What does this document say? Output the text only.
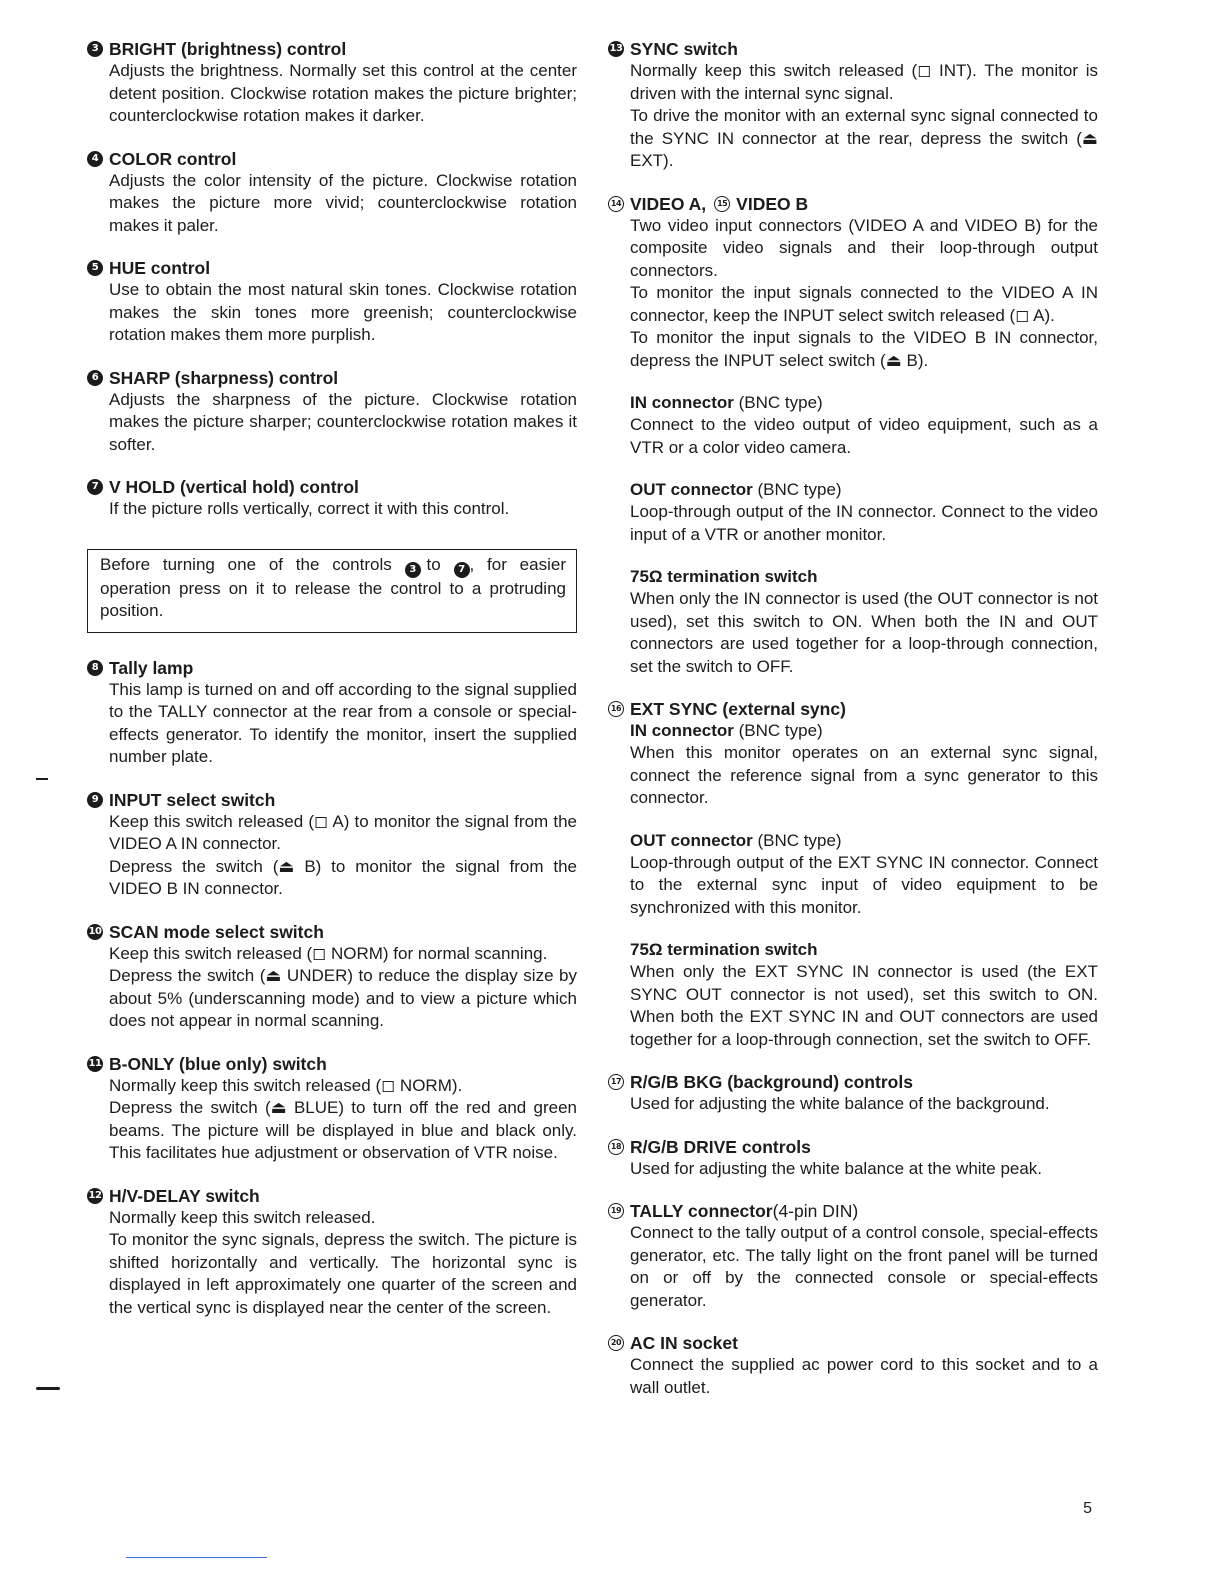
3 BRIGHT (brightness) control

Adjusts the brightness. Normally set this control at the center detent position. Clockwise rotation makes the picture brighter; counterclockwise rotation makes it darker.

4 COLOR control

Adjusts the color intensity of the picture. Clockwise rotation makes the picture more vivid; counterclockwise rotation makes it paler.

5 HUE control

Use to obtain the most natural skin tones. Clockwise rotation makes the skin tones more greenish; counterclockwise rotation makes them more purplish.

6 SHARP (sharpness) control

Adjusts the sharpness of the picture. Clockwise rotation makes the picture sharper; counterclockwise rotation makes it softer.

7 V HOLD (vertical hold) control

If the picture rolls vertically, correct it with this control.

Before turning one of the controls 3 to 7 , for easier operation press on it to release the control to a protruding position.
8 Tally lamp

This lamp is turned on and off according to the signal supplied to the TALLY connector at the rear from a console or special-effects generator. To identify the monitor, insert the supplied number plate.

9 INPUT select switch

Keep this switch released (◻ A) to monitor the signal from the VIDEO A IN connector.

Depress the switch (⏏ B) to monitor the signal from the VIDEO B IN connector.

10 SCAN mode select switch

Keep this switch released (◻ NORM) for normal scanning.

Depress the switch (⏏ UNDER) to reduce the display size by about 5% (underscanning mode) and to view a picture which does not appear in normal scanning.

11 B-ONLY (blue only) switch

Normally keep this switch released (◻ NORM).

Depress the switch (⏏ BLUE) to turn off the red and green beams. The picture will be displayed in blue and black only. This facilitates hue adjustment or observation of VTR noise.

12 H/V-DELAY switch

Normally keep this switch released.

To monitor the sync signals, depress the switch. The picture is shifted horizontally and vertically. The horizontal sync is displayed in left approximately one quarter of the screen and the vertical sync is displayed near the center of the screen.

13 SYNC switch

Normally keep this switch released (◻ INT). The monitor is driven with the internal sync signal.

To drive the monitor with an external sync signal connected to the SYNC IN connector at the rear, depress the switch (⏏ EXT).

14 VIDEO A,	15 VIDEO B

Two video input connectors (VIDEO A and VIDEO B) for the composite video signals and their loop-through output connectors.

To monitor the input signals connected to the VIDEO A IN connector, keep the INPUT select switch released (◻ A).

To monitor the input signals to the VIDEO B IN connector, depress the INPUT select switch (⏏ B).

IN connector (BNC type)

Connect to the video output of video equipment, such as a VTR or a color video camera.

OUT connector (BNC type)

Loop-through output of the IN connector. Connect to the video input of a VTR or another monitor.

75Ω termination switch

When only the IN connector is used (the OUT connector is not used), set this switch to ON. When both the IN and OUT connectors are used together for a loop-through connection, set the switch to OFF.

16 EXT SYNC (external sync)
IN connector (BNC type)

When this monitor operates on an external sync signal, connect the reference signal from a sync generator to this connector.

OUT connector (BNC type)

Loop-through output of the EXT SYNC IN connector. Connect to the external sync input of video equipment to be synchronized with this monitor.

75Ω termination switch

When only the EXT SYNC IN connector is used (the EXT SYNC OUT connector is not used), set this switch to ON. When both the EXT SYNC IN and OUT connectors are used together for a loop-through connection, set the switch to OFF.

17 R/G/B BKG (background) controls

Used for adjusting the white balance of the background.

18 R/G/B DRIVE controls

Used for adjusting the white balance at the white peak.

19 TALLY connector (4-pin DIN)

Connect to the tally output of a control console, special-effects generator, etc. The tally light on the front panel will be turned on or off by the connected console or special-effects generator.

20 AC IN socket

Connect the supplied ac power cord to this socket and to a wall outlet.

5
